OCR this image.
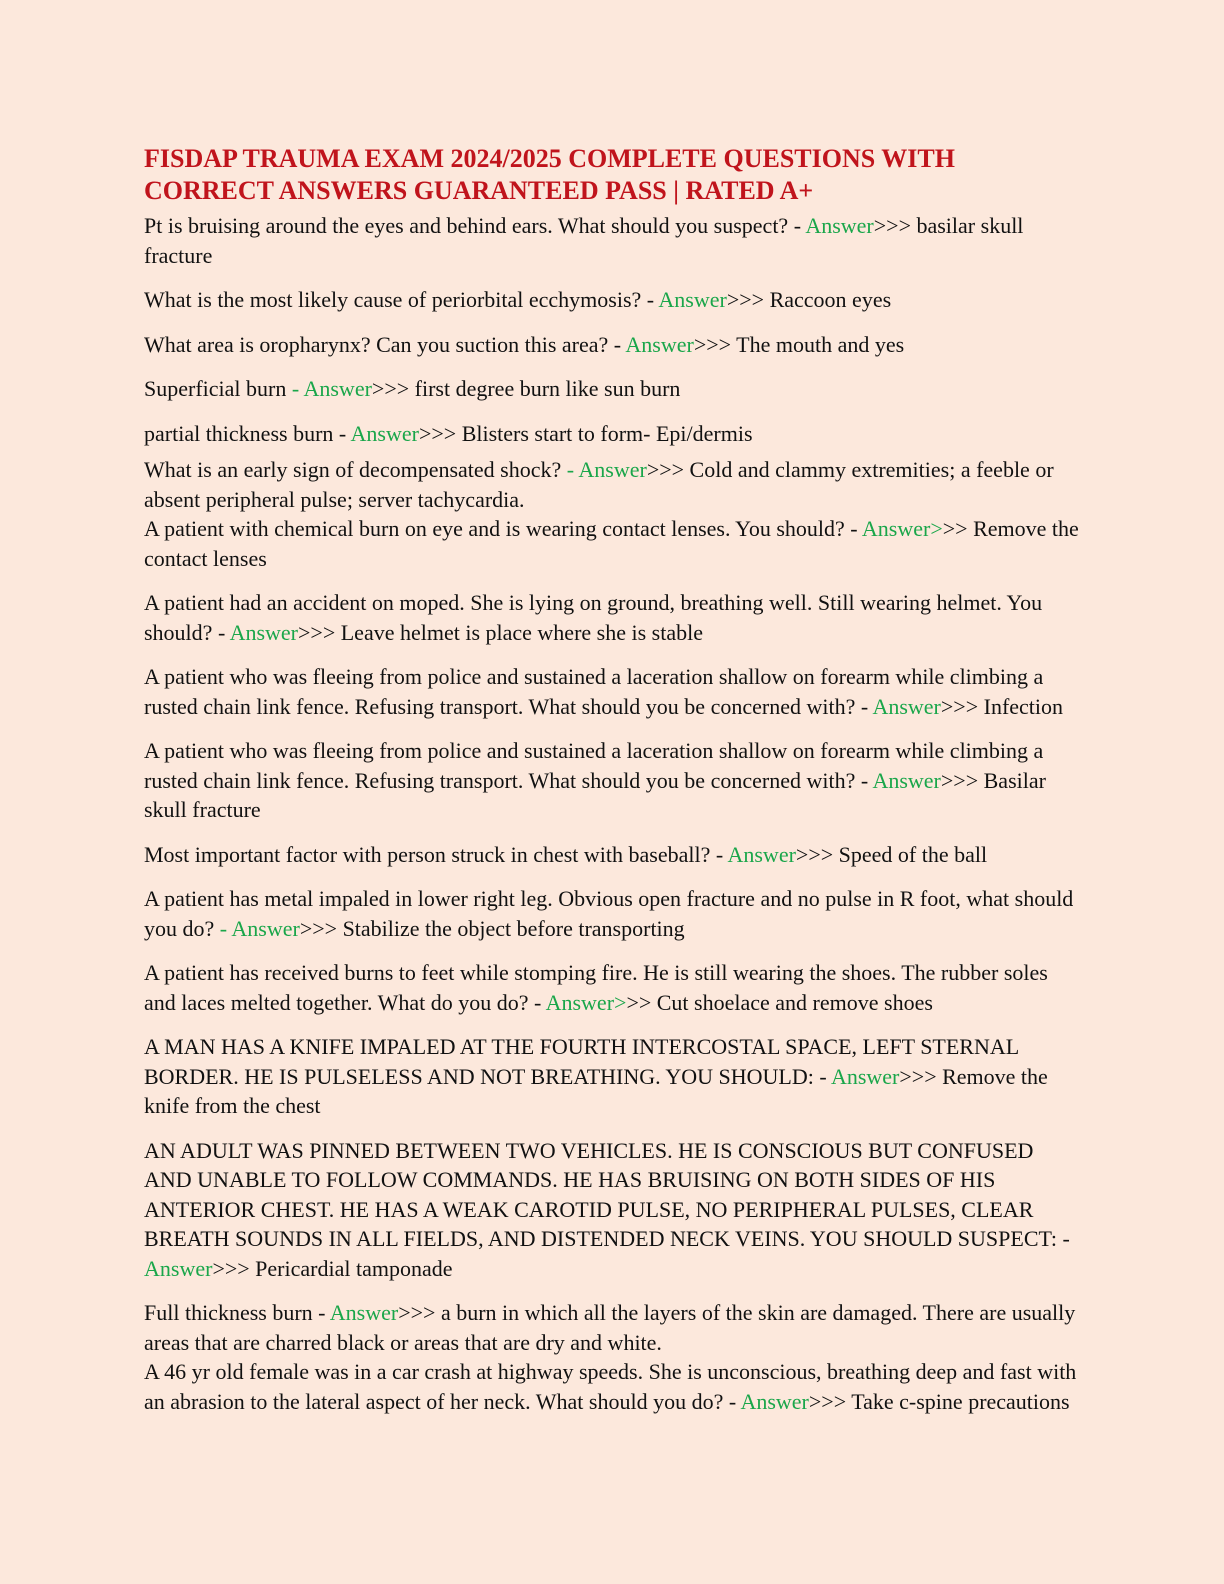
FISDAP TRAUMA EXAM 2024/2025 COMPLETE QUESTIONS WITH
CORRECT ANSWERS GUARANTEED PASS | RATED A+

Pt is bruising around the eyes and behind ears. What should you suspect? - Answer>>> basilar skull fracture

What is the most likely cause of periorbital ecchymosis? - Answer>>> Raccoon eyes

What area is oropharynx? Can you suction this area? - Answer>>> The mouth and yes

Superficial burn - Answer>>> first degree burn like sun burn

partial thickness burn - Answer>>> Blisters start to form- Epi/dermis

What is an early sign of decompensated shock? - Answer>>> Cold and clammy extremities; a feeble or absent peripheral pulse; server tachycardia.

A patient with chemical burn on eye and is wearing contact lenses. You should? - Answer>>> Remove the contact lenses

A patient had an accident on moped. She is lying on ground, breathing well. Still wearing helmet. You should? - Answer>>> Leave helmet is place where she is stable

A patient who was fleeing from police and sustained a laceration shallow on forearm while climbing a rusted chain link fence. Refusing transport. What should you be concerned with? - Answer>>> Infection

A patient who was fleeing from police and sustained a laceration shallow on forearm while climbing a rusted chain link fence. Refusing transport. What should you be concerned with? - Answer>>> Basilar skull fracture

Most important factor with person struck in chest with baseball? - Answer>>> Speed of the ball

A patient has metal impaled in lower right leg. Obvious open fracture and no pulse in R foot, what should you do? - Answer>>> Stabilize the object before transporting

A patient has received burns to feet while stomping fire. He is still wearing the shoes. The rubber soles and laces melted together. What do you do? - Answer>>> Cut shoelace and remove shoes

A MAN HAS A KNIFE IMPALED AT THE FOURTH INTERCOSTAL SPACE, LEFT STERNAL BORDER. HE IS PULSELESS AND NOT BREATHING. YOU SHOULD: - Answer>>> Remove the knife from the chest

AN ADULT WAS PINNED BETWEEN TWO VEHICLES. HE IS CONSCIOUS BUT CONFUSED AND UNABLE TO FOLLOW COMMANDS. HE HAS BRUISING ON BOTH SIDES OF HIS ANTERIOR CHEST. HE HAS A WEAK CAROTID PULSE, NO PERIPHERAL PULSES, CLEAR BREATH SOUNDS IN ALL FIELDS, AND DISTENDED NECK VEINS. YOU SHOULD SUSPECT: - Answer>>> Pericardial tamponade

Full thickness burn - Answer>>> a burn in which all the layers of the skin are damaged. There are usually areas that are charred black or areas that are dry and white.

A 46 yr old female was in a car crash at highway speeds. She is unconscious, breathing deep and fast with an abrasion to the lateral aspect of her neck. What should you do? - Answer>>> Take c-spine precautions
